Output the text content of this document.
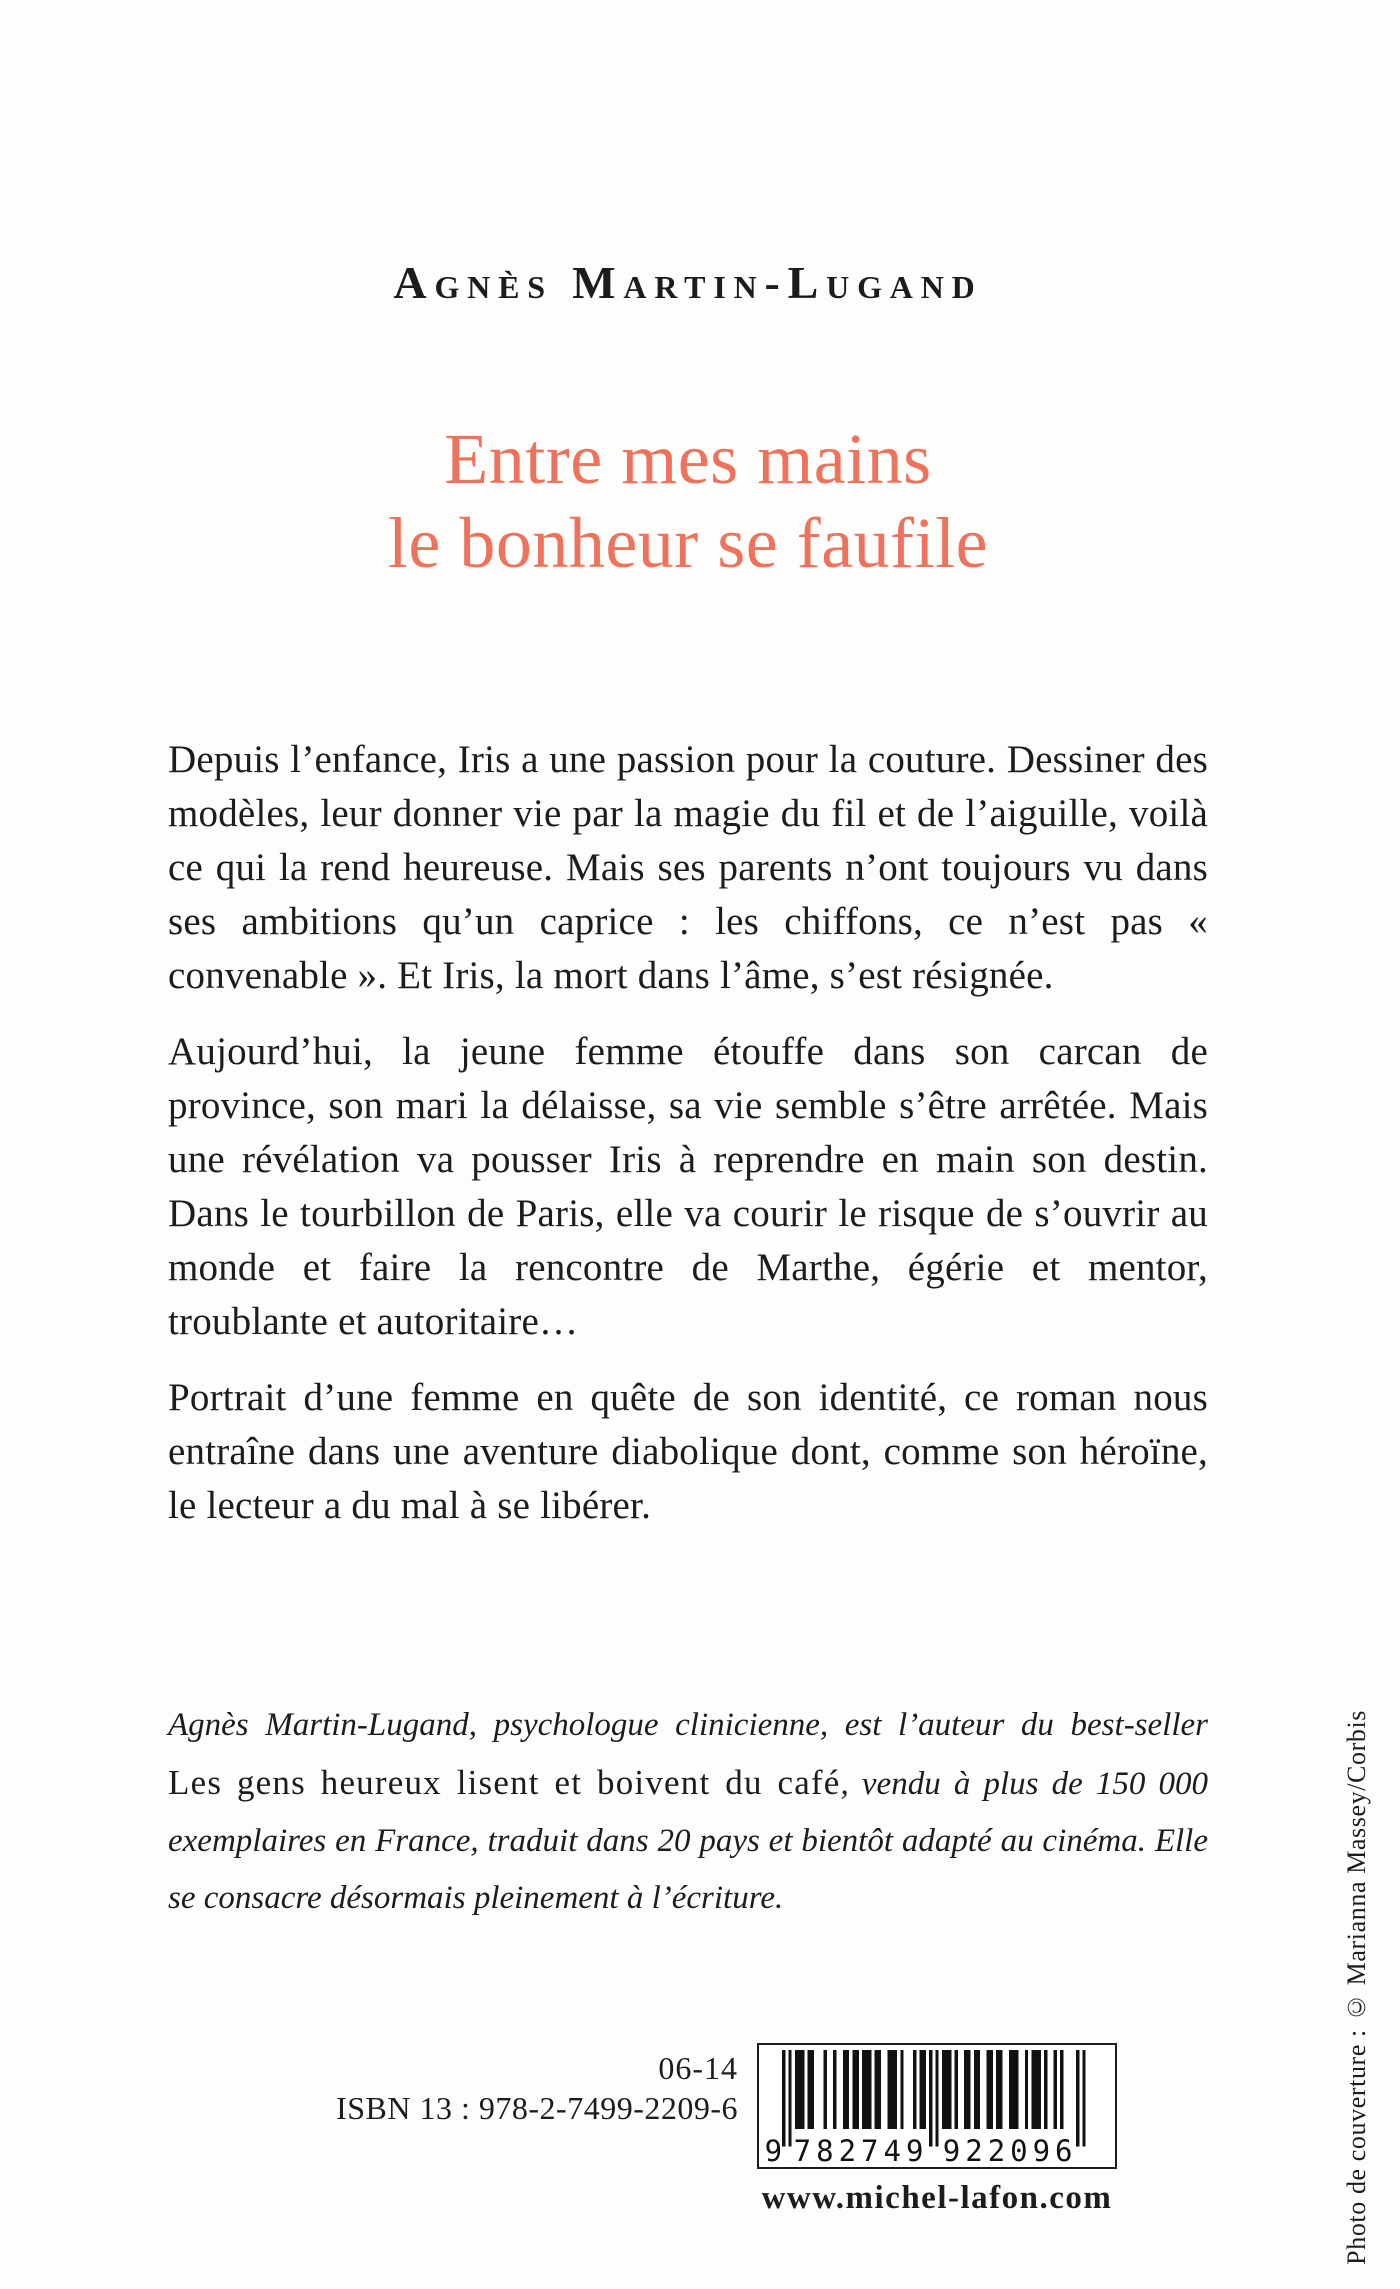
Agnès Martin-Lugand
Entre mes mains
le bonheur se faufile

Depuis l’enfance, Iris a une passion pour la couture. Dessiner des modèles, leur donner vie par la magie du fil et de l’aiguille, voilà ce qui la rend heureuse. Mais ses parents n’ont toujours vu dans ses ambitions qu’un caprice : les chiffons, ce n’est pas « convenable ». Et Iris, la mort dans l’âme, s’est résignée.

Aujourd’hui, la jeune femme étouffe dans son carcan de province, son mari la délaisse, sa vie semble s’être arrêtée. Mais une révélation va pousser Iris à reprendre en main son destin. Dans le tourbillon de Paris, elle va courir le risque de s’ouvrir au monde et faire la rencontre de Marthe, égérie et mentor, troublante et autoritaire…

Portrait d’une femme en quête de son identité, ce roman nous entraîne dans une aventure diabolique dont, comme son héroïne, le lecteur a du mal à se libérer.

Agnès Martin-Lugand, psychologue clinicienne, est l’auteur du best-seller Les gens heureux lisent et boivent du café, vendu à plus de 150 000 exemplaires en France, traduit dans 20 pays et bientôt adapté au cinéma. Elle se consacre désormais pleinement à l’écriture.
06-14
ISBN 13 : 978-2-7499-2209-6
9 782749 922096
www.michel-lafon.com	Photo de couverture : © Marianna Massey/Corbis
